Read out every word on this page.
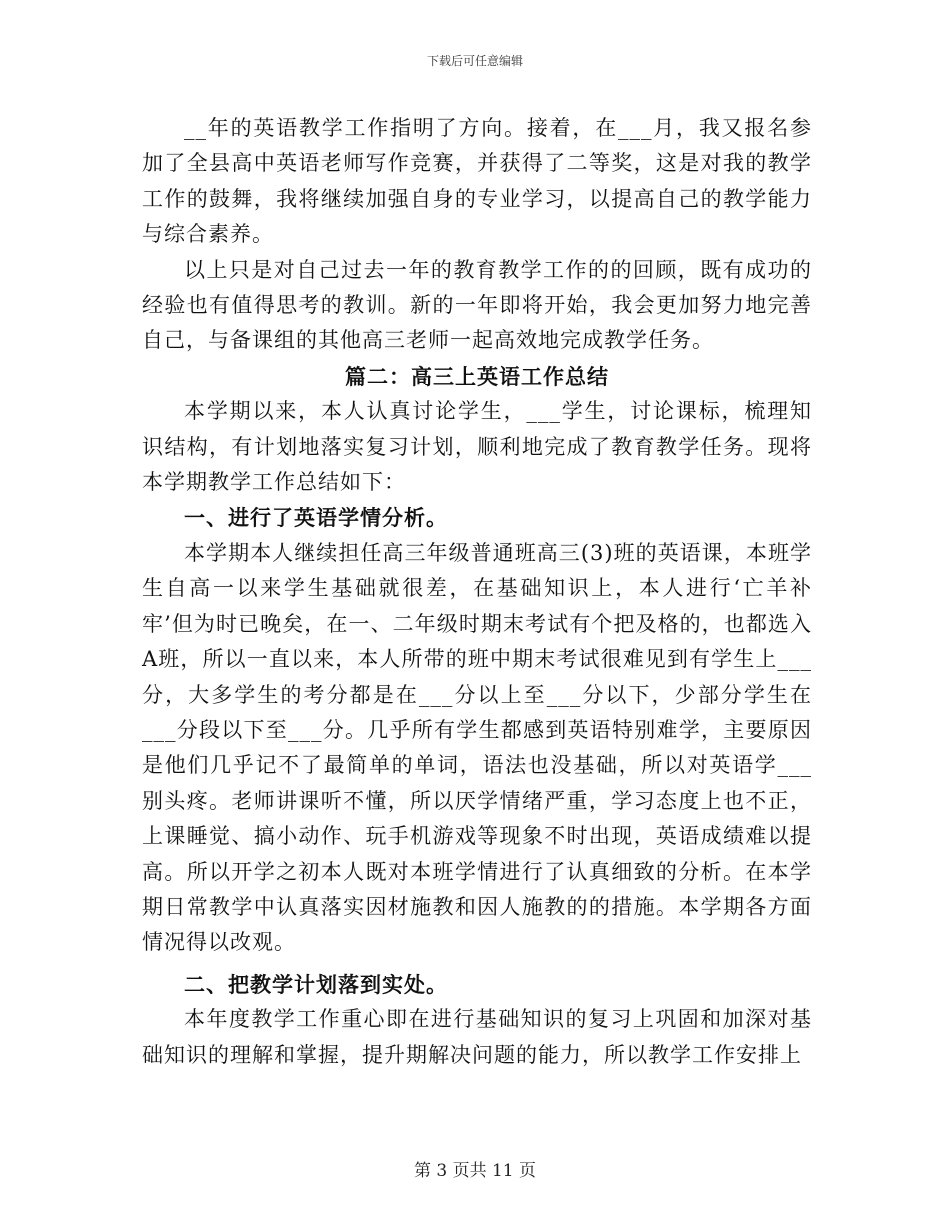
下载后可任意编辑

__年的英语教学工作指明了方向。接着，在___月，我又报名参加了全县高中英语老师写作竞赛，并获得了二等奖，这是对我的教学工作的鼓舞，我将继续加强自身的专业学习，以提高自己的教学能力与综合素养。

以上只是对自己过去一年的教育教学工作的的回顾，既有成功的经验也有值得思考的教训。新的一年即将开始，我会更加努力地完善自己，与备课组的其他高三老师一起高效地完成教学任务。

篇二：高三上英语工作总结

本学期以来，本人认真讨论学生，___学生，讨论课标，梳理知识结构，有计划地落实复习计划，顺利地完成了教育教学任务。现将本学期教学工作总结如下：

一、进行了英语学情分析。

本学期本人继续担任高三年级普通班高三(3)班的英语课，本班学生自高一以来学生基础就很差，在基础知识上，本人进行‘亡羊补牢’但为时已晚矣，在一、二年级时期末考试有个把及格的，也都选入A班，所以一直以来，本人所带的班中期末考试很难见到有学生上___分，大多学生的考分都是在___分以上至___分以下，少部分学生在___分段以下至___分。几乎所有学生都感到英语特别难学，主要原因是他们几乎记不了最简单的单词，语法也没基础，所以对英语学___别头疼。老师讲课听不懂，所以厌学情绪严重，学习态度上也不正，上课睡觉、搞小动作、玩手机游戏等现象不时出现，英语成绩难以提高。所以开学之初本人既对本班学情进行了认真细致的分析。在本学期日常教学中认真落实因材施教和因人施教的的措施。本学期各方面情况得以改观。

二、把教学计划落到实处。

本年度教学工作重心即在进行基础知识的复习上巩固和加深对基础知识的理解和掌握，提升期解决问题的能力，所以教学工作安排上

第 3 页共 11 页
